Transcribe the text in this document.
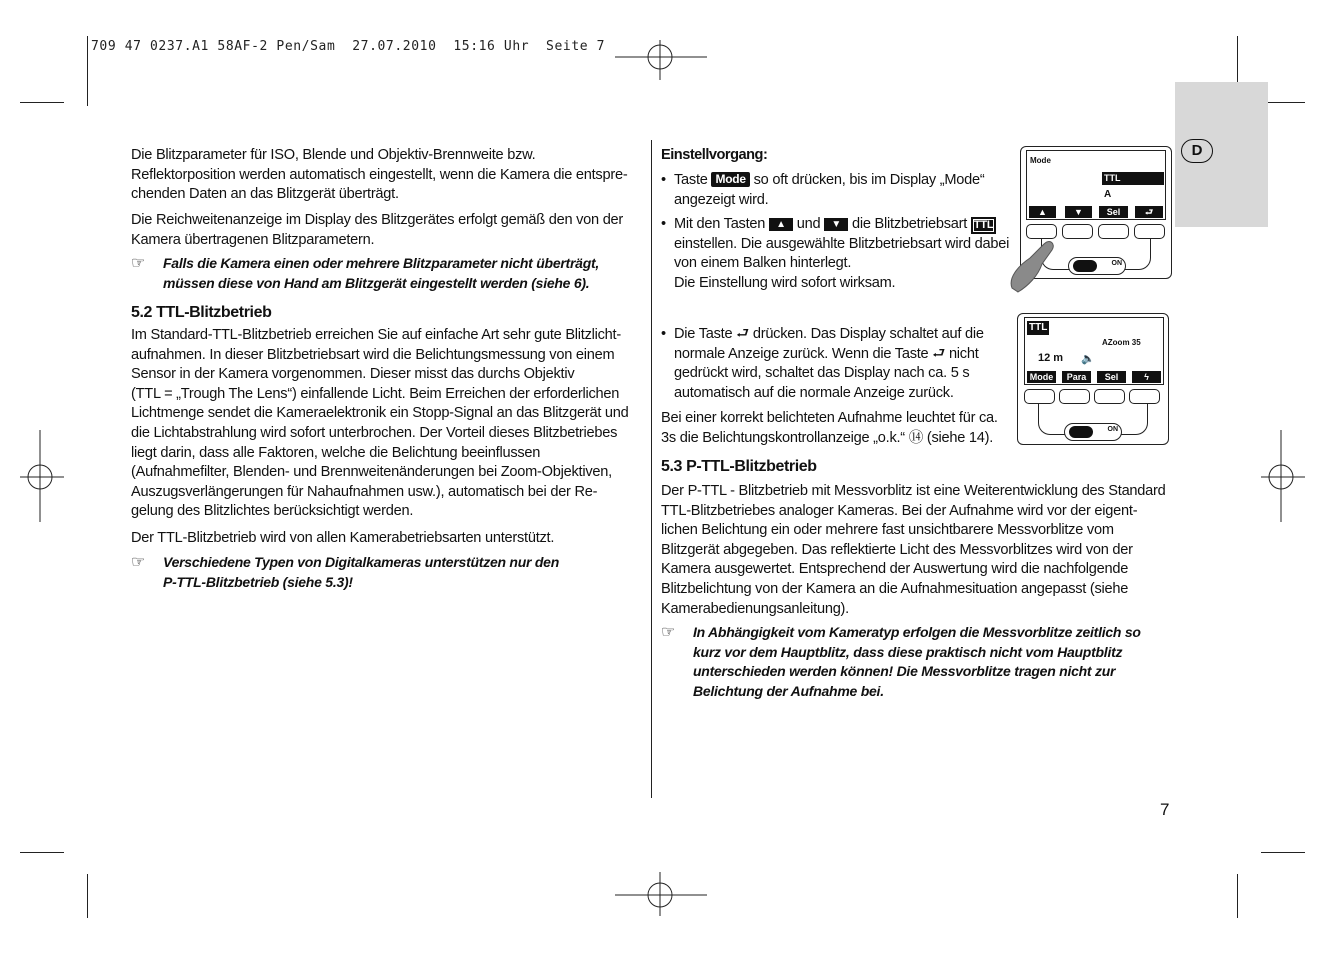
709 47 0237.A1 58AF-2 Pen/Sam  27.07.2010  15:16 Uhr  Seite 7
D

Die Blitzparameter für ISO, Blende und Objektiv-Brennweite bzw.

Reflektorposition werden automatisch eingestellt, wenn die Kamera die entspre-

chenden Daten an das Blitzgerät überträgt.

Die Reichweitenanzeige im Display des Blitzgerätes erfolgt gemäß den von der

Kamera übertragenen Blitzparametern.

☞	Falls die Kamera einen oder mehrere Blitzparameter nicht überträgt,

müssen diese von Hand am Blitzgerät eingestellt werden (siehe 6).

5.2 TTL-Blitzbetrieb

Im Standard-TTL-Blitzbetrieb erreichen Sie auf einfache Art sehr gute Blitzlicht-

aufnahmen. In dieser Blitzbetriebsart wird die Belichtungsmessung von einem

Sensor in der Kamera vorgenommen. Dieser misst das durchs Objektiv

(TTL = „Trough The Lens“) einfallende Licht. Beim Erreichen der erforderlichen

Lichtmenge sendet die Kameraelektronik ein Stopp-Signal an das Blitzgerät und

die Lichtabstrahlung wird sofort unterbrochen. Der Vorteil dieses Blitzbetriebes

liegt darin, dass alle Faktoren, welche die Belichtung beeinflussen

(Aufnahmefilter, Blenden- und Brennweitenänderungen bei Zoom-Objektiven,

Auszugsverlängerungen für Nahaufnahmen usw.), automatisch bei der Re-

gelung des Blitzlichtes berücksichtigt werden.

Der TTL-Blitzbetrieb wird von allen Kamerabetriebsarten unterstützt.
☞	Verschiedene Typen von Digitalkameras unterstützen nur den

P-TTL-Blitzbetrieb (siehe 5.3)!

Einstellvorgang:
• Taste Mode so oft drücken, bis im Display „Mode“

angezeigt wird.

• Mit den Tasten ▲ und ▼ die Blitzbetriebsart TTL

einstellen. Die ausgewählte Blitzbetriebsart wird dabei

von einem Balken hinterlegt.

Die Einstellung wird sofort wirksam.

• Die Taste ⮐ drücken. Das Display schaltet auf die

normale Anzeige zurück. Wenn die Taste ⮐ nicht

gedrückt wird, schaltet das Display nach ca. 5 s

automatisch auf die normale Anzeige zurück.

Bei einer korrekt belichteten Aufnahme leuchtet für ca.

3s die Belichtungskontrollanzeige „o.k.“ ⑭ (siehe 14).

5.3 P-TTL-Blitzbetrieb

Der P-TTL - Blitzbetrieb mit Messvorblitz ist eine Weiterentwicklung des Standard

TTL-Blitzbetriebes analoger Kameras. Bei der Aufnahme wird vor der eigent-

lichen Belichtung ein oder mehrere fast unsichtbarere Messvorblitze vom

Blitzgerät abgegeben. Das reflektierte Licht des Messvorblitzes wird von der

Kamera ausgewertet. Entsprechend der Auswertung wird die nachfolgende

Blitzbelichtung von der Kamera an die Aufnahmesituation angepasst (siehe

Kamerabedienungsanleitung).

☞	In Abhängigkeit vom Kameratyp erfolgen die Messvorblitze zeitlich so

kurz vor dem Hauptblitz, dass diese praktisch nicht vom Hauptblitz

unterschieden werden können! Die Messvorblitze tragen nicht zur

Belichtung der Aufnahme bei.

Mode
TTL
A
▲	▼	Sel	⮐
ON
TTL
AZoom 35
12 m 🔈
Mode	Para	Sel	ϟ
ON
7
